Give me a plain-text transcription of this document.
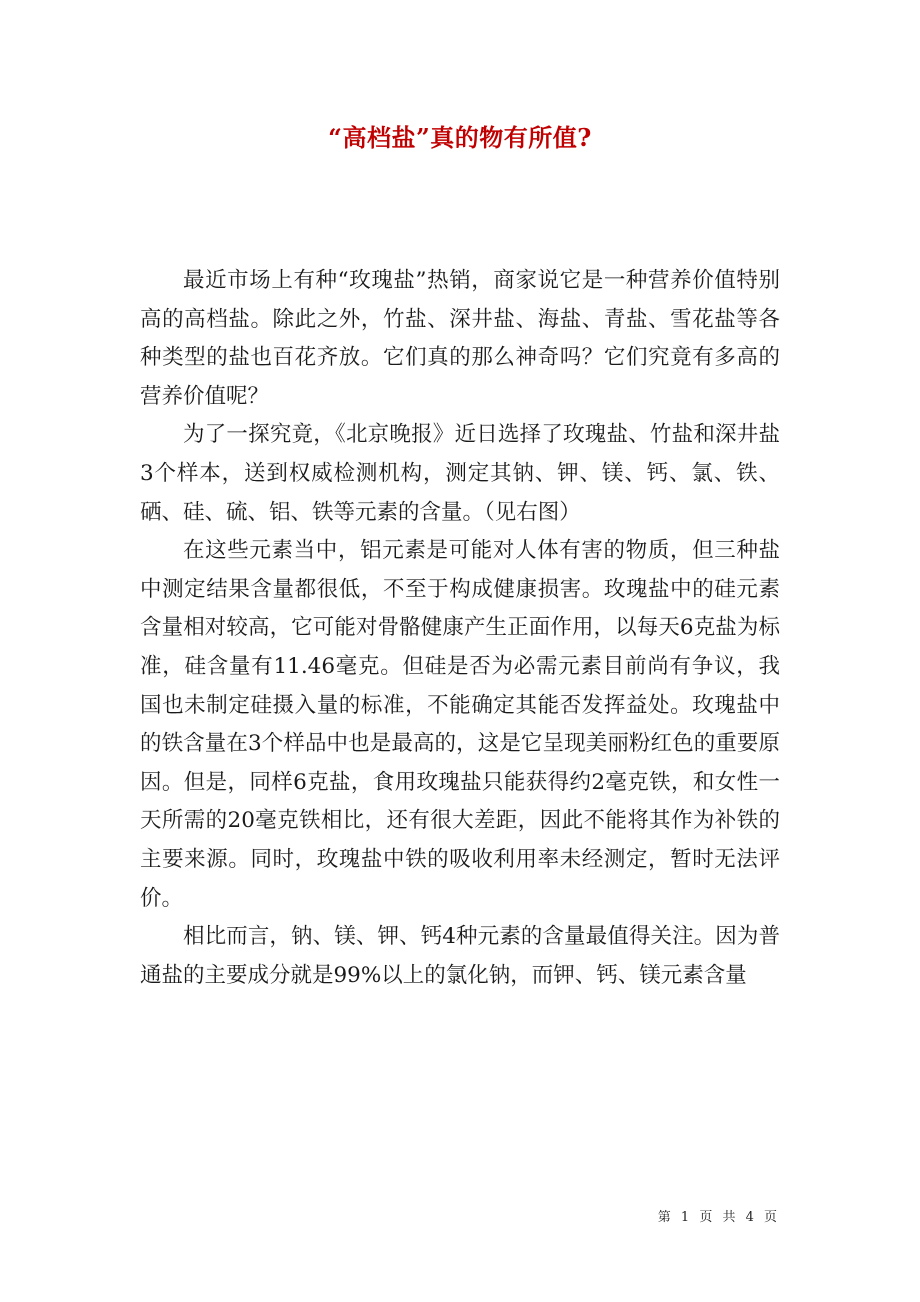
“高档盐”真的物有所值?

最近市场上有种“玫瑰盐”热销，商家说它是一种营养价值特别高的高档盐。除此之外，竹盐、深井盐、海盐、青盐、雪花盐等各种类型的盐也百花齐放。它们真的那么神奇吗？它们究竟有多高的营养价值呢？

为了一探究竟，《北京晚报》近日选择了玫瑰盐、竹盐和深井盐3个样本，送到权威检测机构，测定其钠、钾、镁、钙、氯、铁、硒、硅、硫、铝、铁等元素的含量。（见右图）

在这些元素当中，铝元素是可能对人体有害的物质，但三种盐中测定结果含量都很低，不至于构成健康损害。玫瑰盐中的硅元素含量相对较高，它可能对骨骼健康产生正面作用，以每天6克盐为标准，硅含量有11.46毫克。但硅是否为必需元素目前尚有争议，我国也未制定硅摄入量的标准，不能确定其能否发挥益处。玫瑰盐中的铁含量在3个样品中也是最高的，这是它呈现美丽粉红色的重要原因。但是，同样6克盐，食用玫瑰盐只能获得约2毫克铁，和女性一天所需的20毫克铁相比，还有很大差距，因此不能将其作为补铁的主要来源。同时，玫瑰盐中铁的吸收利用率未经测定，暂时无法评价。

相比而言，钠、镁、钾、钙4种元素的含量最值得关注。因为普通盐的主要成分就是99%以上的氯化钠，而钾、钙、镁元素含量

第 1 页 共 4 页
